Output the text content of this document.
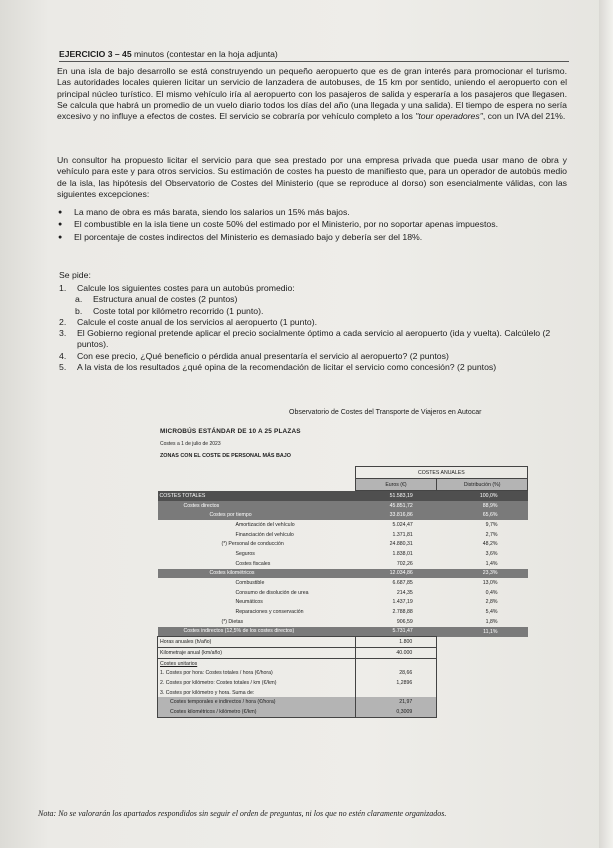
EJERCICIO 3 – 45 minutos (contestar en la hoja adjunta)
En una isla de bajo desarrollo se está construyendo un pequeño aeropuerto que es de gran interés para promocionar el turismo. Las autoridades locales quieren licitar un servicio de lanzadera de autobuses, de 15 km por sentido, uniendo el aeropuerto con el principal núcleo turístico. El mismo vehículo iría al aeropuerto con los pasajeros de salida y esperaría a los pasajeros que llegasen. Se calcula que habrá un promedio de un vuelo diario todos los días del año (una llegada y una salida). El tiempo de espera no sería excesivo y no influye a efectos de costes. El servicio se cobraría por vehículo completo a los "tour operadores", con un IVA del 21%.
Un consultor ha propuesto licitar el servicio para que sea prestado por una empresa privada que pueda usar mano de obra y vehículo para este y para otros servicios. Su estimación de costes ha puesto de manifiesto que, para un operador de autobús medio de la isla, las hipótesis del Observatorio de Costes del Ministerio (que se reproduce al dorso) son esencialmente válidas, con las siguientes excepciones:
● La mano de obra es más barata, siendo los salarios un 15% más bajos.
● El combustible en la isla tiene un coste 50% del estimado por el Ministerio, por no soportar apenas impuestos.
● El porcentaje de costes indirectos del Ministerio es demasiado bajo y debería ser del 18%.
Se pide:
1. Calcule los siguientes costes para un autobús promedio:
a. Estructura anual de costes (2 puntos)
b. Coste total por kilómetro recorrido (1 punto).
2. Calcule el coste anual de los servicios al aeropuerto (1 punto).
3. El Gobierno regional pretende aplicar el precio socialmente óptimo a cada servicio al aeropuerto (ida y vuelta). Calcúlelo (2 puntos).
4. Con ese precio, ¿Qué beneficio o pérdida anual presentaría el servicio al aeropuerto? (2 puntos)
5. A la vista de los resultados ¿qué opina de la recomendación de licitar el servicio como concesión? (2 puntos)
Observatorio de Costes del Transporte de Viajeros en Autocar
MICROBÚS ESTÁNDAR DE 10 A 25 PLAZAS
Costes a 1 de julio de 2023
ZONAS CON EL COSTE DE PERSONAL MÁS BAJO
	COSTES ANUALES	
	Euros (€)	Distribución (%)
COSTES TOTALES	51.583,19	100,0%
Costes directos	45.851,72	88,9%
Costes por tiempo	33.816,86	65,6%
Amortización del vehículo	5.024,47	9,7%
Financiación del vehículo	1.371,81	2,7%
(*) Personal de conducción	24.880,31	48,2%
Seguros	1.838,01	3,6%
Costes fiscales	702,26	1,4%
Costes kilométricos	12.034,86	23,3%
Combustible	6.687,85	13,0%
Consumo de disolución de urea	214,35	0,4%
Neumáticos	1.437,19	2,8%
Reparaciones y conservación	2.788,88	5,4%
(*) Dietas	906,59	1,8%
Costes indirectos (12,5% de los costes directos)	5.731,47	11,1%
Horas anuales (h/año)	1.800	
Kilometraje anual (km/año)	40.000	
Costes unitarios		
1. Costes por hora: Costes totales / hora (€/hora)	28,66	
2. Costes por kilómetro: Costes totales / km (€/km)	1,2896	
3. Costes por kilómetro y hora. Suma de:		
Costes temporales e indirectos / hora (€/hora)	21,97	
Costes kilométricos / kilómetro (€/km)	0,3009	
Nota: No se valorarán los apartados respondidos sin seguir el orden de preguntas, ni los que no estén claramente organizados.
